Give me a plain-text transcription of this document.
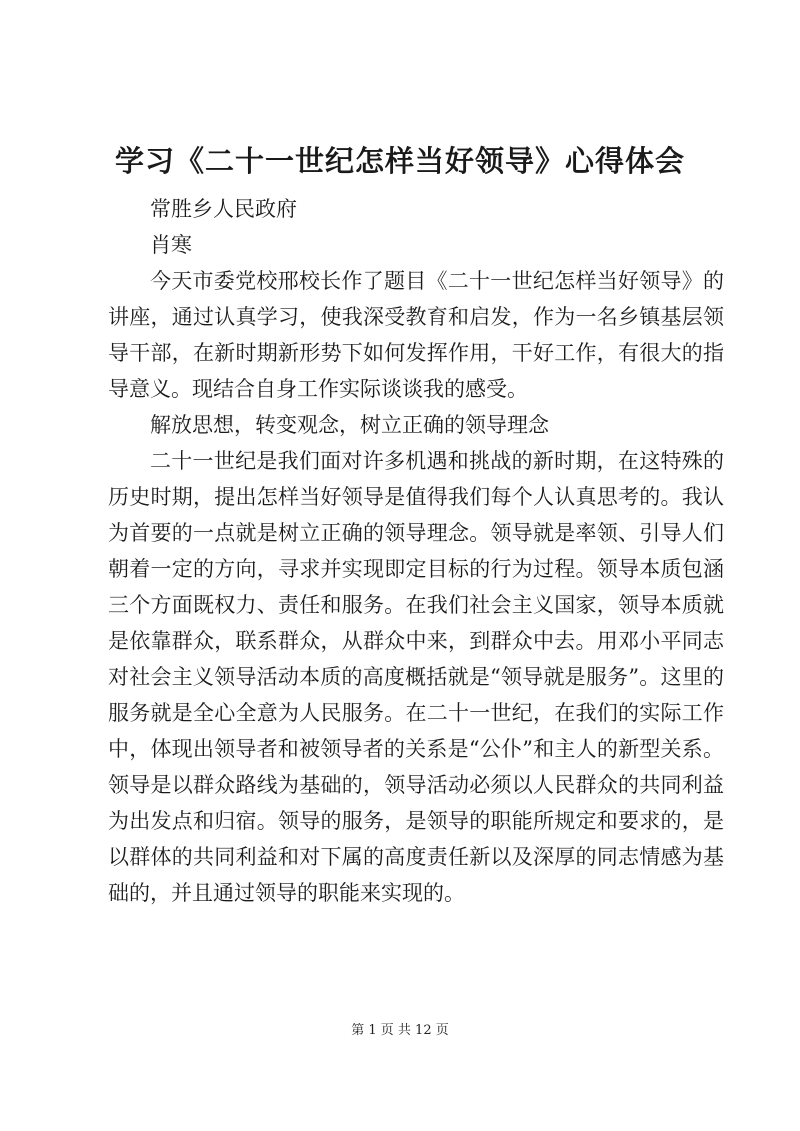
学习《二十一世纪怎样当好领导》心得体会

常胜乡人民政府

肖寒

今天市委党校邢校长作了题目《二十一世纪怎样当好领导》的讲座，通过认真学习，使我深受教育和启发，作为一名乡镇基层领导干部，在新时期新形势下如何发挥作用，干好工作，有很大的指导意义。现结合自身工作实际谈谈我的感受。

解放思想，转变观念，树立正确的领导理念

二十一世纪是我们面对许多机遇和挑战的新时期，在这特殊的历史时期，提出怎样当好领导是值得我们每个人认真思考的。我认为首要的一点就是树立正确的领导理念。领导就是率领、引导人们朝着一定的方向，寻求并实现即定目标的行为过程。领导本质包涵三个方面既权力、责任和服务。在我们社会主义国家，领导本质就是依靠群众，联系群众，从群众中来，到群众中去。用邓小平同志对社会主义领导活动本质的高度概括就是“领导就是服务”。这里的服务就是全心全意为人民服务。在二十一世纪，在我们的实际工作中，体现出领导者和被领导者的关系是“公仆”和主人的新型关系。领导是以群众路线为基础的，领导活动必须以人民群众的共同利益为出发点和归宿。领导的服务，是领导的职能所规定和要求的，是以群体的共同利益和对下属的高度责任新以及深厚的同志情感为基础的，并且通过领导的职能来实现的。

第 1 页 共 12 页
